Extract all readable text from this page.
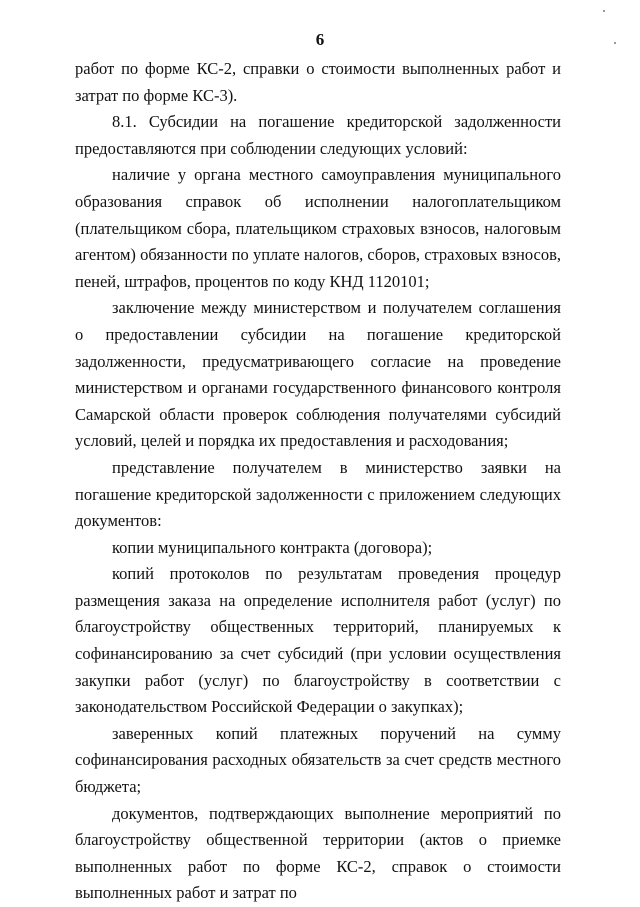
6

работ по форме КС-2, справки о стоимости выполненных работ и затрат по форме КС-3).

8.1. Субсидии на погашение кредиторской задолженности предоставляются при соблюдении следующих условий:

наличие у органа местного самоуправления муниципального образования справок об исполнении налогоплательщиком (плательщиком сбора, плательщиком страховых взносов, налоговым агентом) обязанности по уплате налогов, сборов, страховых взносов, пеней, штрафов, процентов по коду КНД 1120101;

заключение между министерством и получателем соглашения о предоставлении субсидии на погашение кредиторской задолженности, предусматривающего согласие на проведение министерством и органами государственного финансового контроля Самарской области проверок соблюдения получателями субсидий условий, целей и порядка их предоставления и расходования;

представление получателем в министерство заявки на погашение кредиторской задолженности с приложением следующих документов:

копии муниципального контракта (договора);

копий протоколов по результатам проведения процедур размещения заказа на определение исполнителя работ (услуг) по благоустройству общественных территорий, планируемых к софинансированию за счет субсидий (при условии осуществления закупки работ (услуг) по благоустройству в соответствии с законодательством Российской Федерации о закупках);

заверенных копий платежных поручений на сумму софинансирования расходных обязательств за счет средств местного бюджета;

документов, подтверждающих выполнение мероприятий по благоустройству общественной территории (актов о приемке выполненных работ по форме КС-2, справок о стоимости выполненных работ и затрат по
